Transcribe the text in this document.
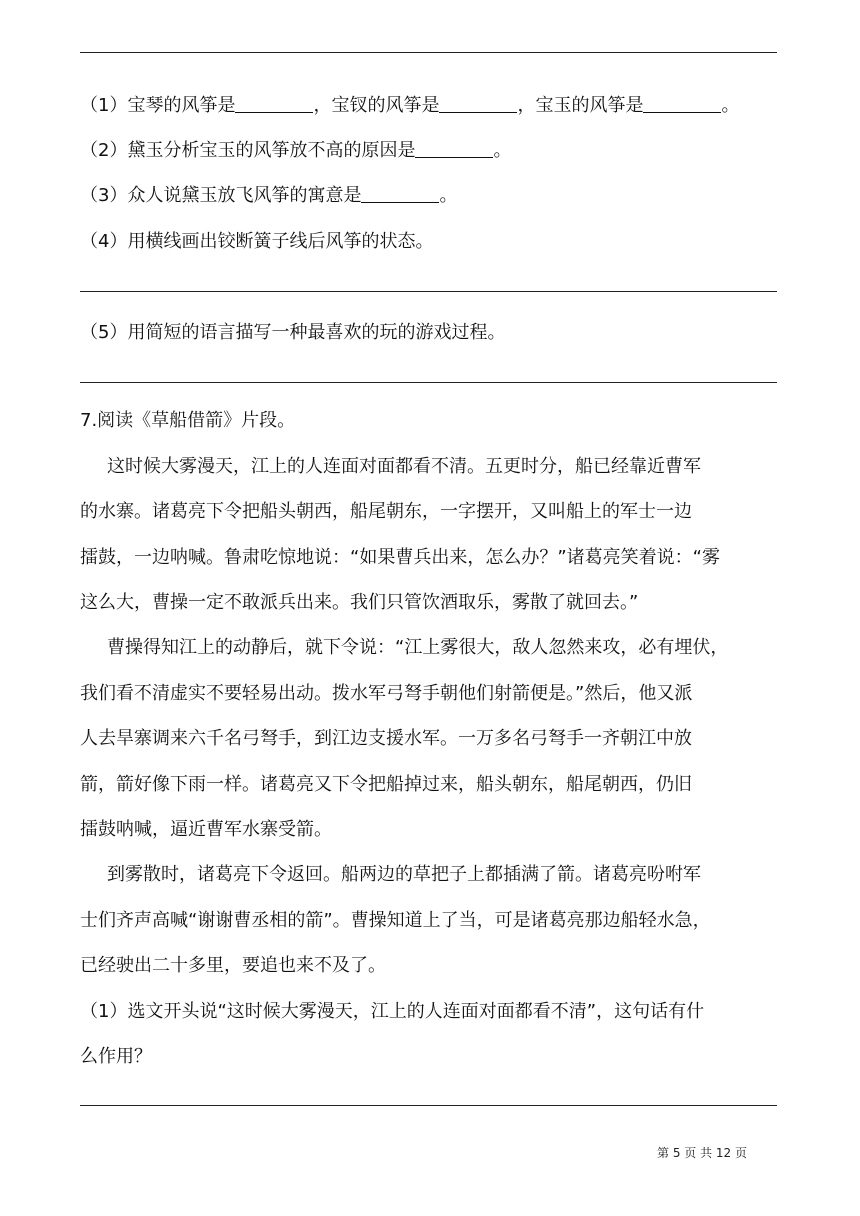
（1）宝琴的风筝是	，宝钗的风筝是	，宝玉的风筝是	。
（2）黛玉分析宝玉的风筝放不高的原因是	。
（3）众人说黛玉放飞风筝的寓意是	。
（4）用横线画出铰断簧子线后风筝的状态。
（5）用简短的语言描写一种最喜欢的玩的游戏过程。
7.阅读《草船借箭》片段。
这时候大雾漫天，江上的人连面对面都看不清。五更时分，船已经靠近曹军
的水寨。诸葛亮下令把船头朝西，船尾朝东，一字摆开，又叫船上的军士一边
擂鼓，一边呐喊。鲁肃吃惊地说：“如果曹兵出来，怎么办？”诸葛亮笑着说：“雾
这么大，曹操一定不敢派兵出来。我们只管饮酒取乐，雾散了就回去。”
曹操得知江上的动静后，就下令说：“江上雾很大，敌人忽然来攻，必有埋伏，
我们看不清虚实不要轻易出动。拨水军弓弩手朝他们射箭便是。”然后，他又派
人去旱寨调来六千名弓弩手，到江边支援水军。一万多名弓弩手一齐朝江中放
箭，箭好像下雨一样。诸葛亮又下令把船掉过来，船头朝东，船尾朝西，仍旧
擂鼓呐喊，逼近曹军水寨受箭。
到雾散时，诸葛亮下令返回。船两边的草把子上都插满了箭。诸葛亮吩咐军
士们齐声高喊“谢谢曹丞相的箭”。曹操知道上了当，可是诸葛亮那边船轻水急，
已经驶出二十多里，要追也来不及了。
（1）选文开头说“这时候大雾漫天，江上的人连面对面都看不清”，这句话有什
么作用？
第 5 页 共 12 页
